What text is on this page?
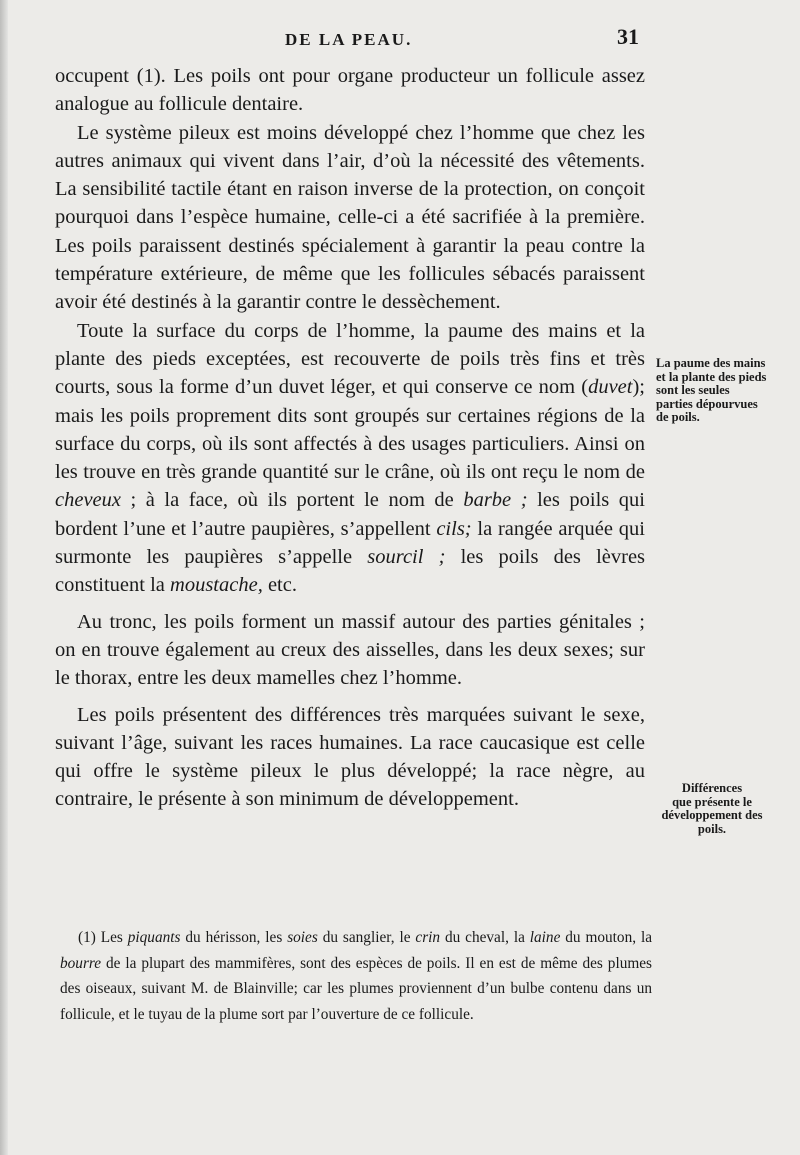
DE LA PEAU.	31

occupent (1). Les poils ont pour organe producteur un follicule assez analogue au follicule dentaire.

Le système pileux est moins développé chez l’homme que chez les autres animaux qui vivent dans l’air, d’où la nécessité des vêtements. La sensibilité tactile étant en raison inverse de la protection, on conçoit pourquoi dans l’espèce humaine, celle-ci a été sacrifiée à la première. Les poils paraissent destinés spécialement à garantir la peau contre la température extérieure, de même que les follicules sébacés paraissent avoir été destinés à la garantir contre le dessèchement.

Toute la surface du corps de l’homme, la paume des mains et la plante des pieds exceptées, est recouverte de poils très fins et très courts, sous la forme d’un duvet léger, et qui conserve ce nom (duvet); mais les poils proprement dits sont groupés sur certaines régions de la surface du corps, où ils sont affectés à des usages particuliers. Ainsi on les trouve en très grande quantité sur le crâne, où ils ont reçu le nom de cheveux ; à la face, où ils portent le nom de barbe ; les poils qui bordent l’une et l’autre paupières, s’appellent cils; la rangée arquée qui surmonte les paupières s’appelle sourcil ; les poils des lèvres constituent la moustache, etc.

Au tronc, les poils forment un massif autour des parties génitales ; on en trouve également au creux des aisselles, dans les deux sexes; sur le thorax, entre les deux mamelles chez l’homme.

Les poils présentent des différences très marquées suivant le sexe, suivant l’âge, suivant les races humaines. La race caucasique est celle qui offre le système pileux le plus développé; la race nègre, au contraire, le présente à son minimum de développement.

La paume des mains et la plante des pieds sont les seules parties dépourvues de poils.
Différences
que présente le développement des poils.

(1) Les piquants du hérisson, les soies du sanglier, le crin du cheval, la laine du mouton, la bourre de la plupart des mammifères, sont des espèces de poils. Il en est de même des plumes des oiseaux, suivant M. de Blainville; car les plumes proviennent d’un bulbe contenu dans un follicule, et le tuyau de la plume sort par l’ouverture de ce follicule.
